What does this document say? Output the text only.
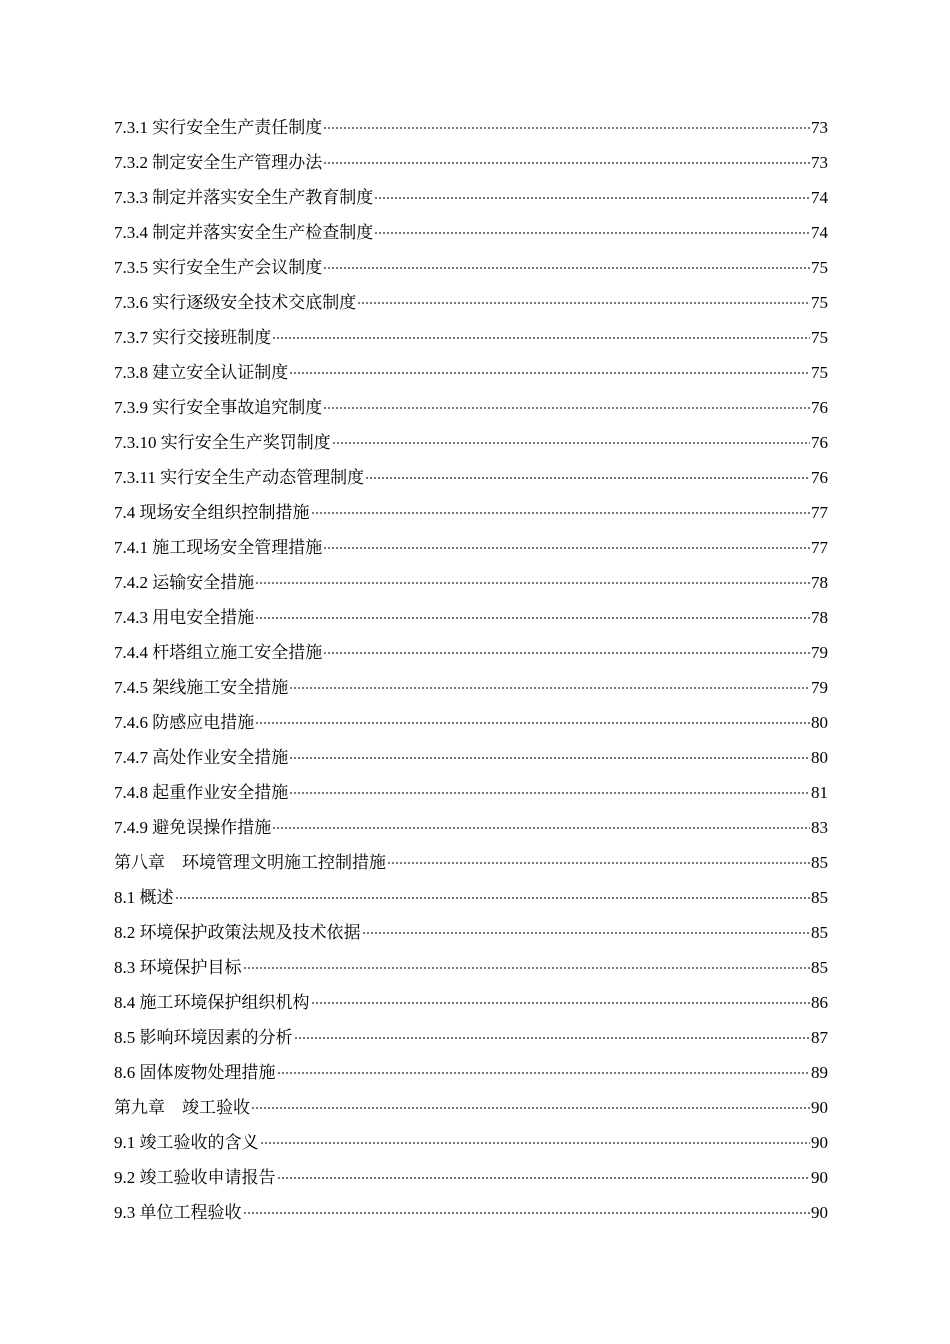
7.3.1 实行安全生产责任制度	73
7.3.2 制定安全生产管理办法	73
7.3.3 制定并落实安全生产教育制度	74
7.3.4 制定并落实安全生产检查制度	74
7.3.5 实行安全生产会议制度	75
7.3.6 实行逐级安全技术交底制度	75
7.3.7 实行交接班制度	75
7.3.8 建立安全认证制度	75
7.3.9 实行安全事故追究制度	76
7.3.10 实行安全生产奖罚制度	76
7.3.11 实行安全生产动态管理制度	76
7.4 现场安全组织控制措施	77
7.4.1 施工现场安全管理措施	77
7.4.2 运输安全措施	78
7.4.3 用电安全措施	78
7.4.4 杆塔组立施工安全措施	79
7.4.5 架线施工安全措施	79
7.4.6 防感应电措施	80
7.4.7 高处作业安全措施	80
7.4.8 起重作业安全措施	81
7.4.9 避免误操作措施	83
第八章　环境管理文明施工控制措施	85
8.1 概述	85
8.2 环境保护政策法规及技术依据	85
8.3 环境保护目标	85
8.4 施工环境保护组织机构	86
8.5 影响环境因素的分析	87
8.6 固体废物处理措施	89
第九章　竣工验收	90
9.1 竣工验收的含义	90
9.2 竣工验收申请报告	90
9.3 单位工程验收	90
